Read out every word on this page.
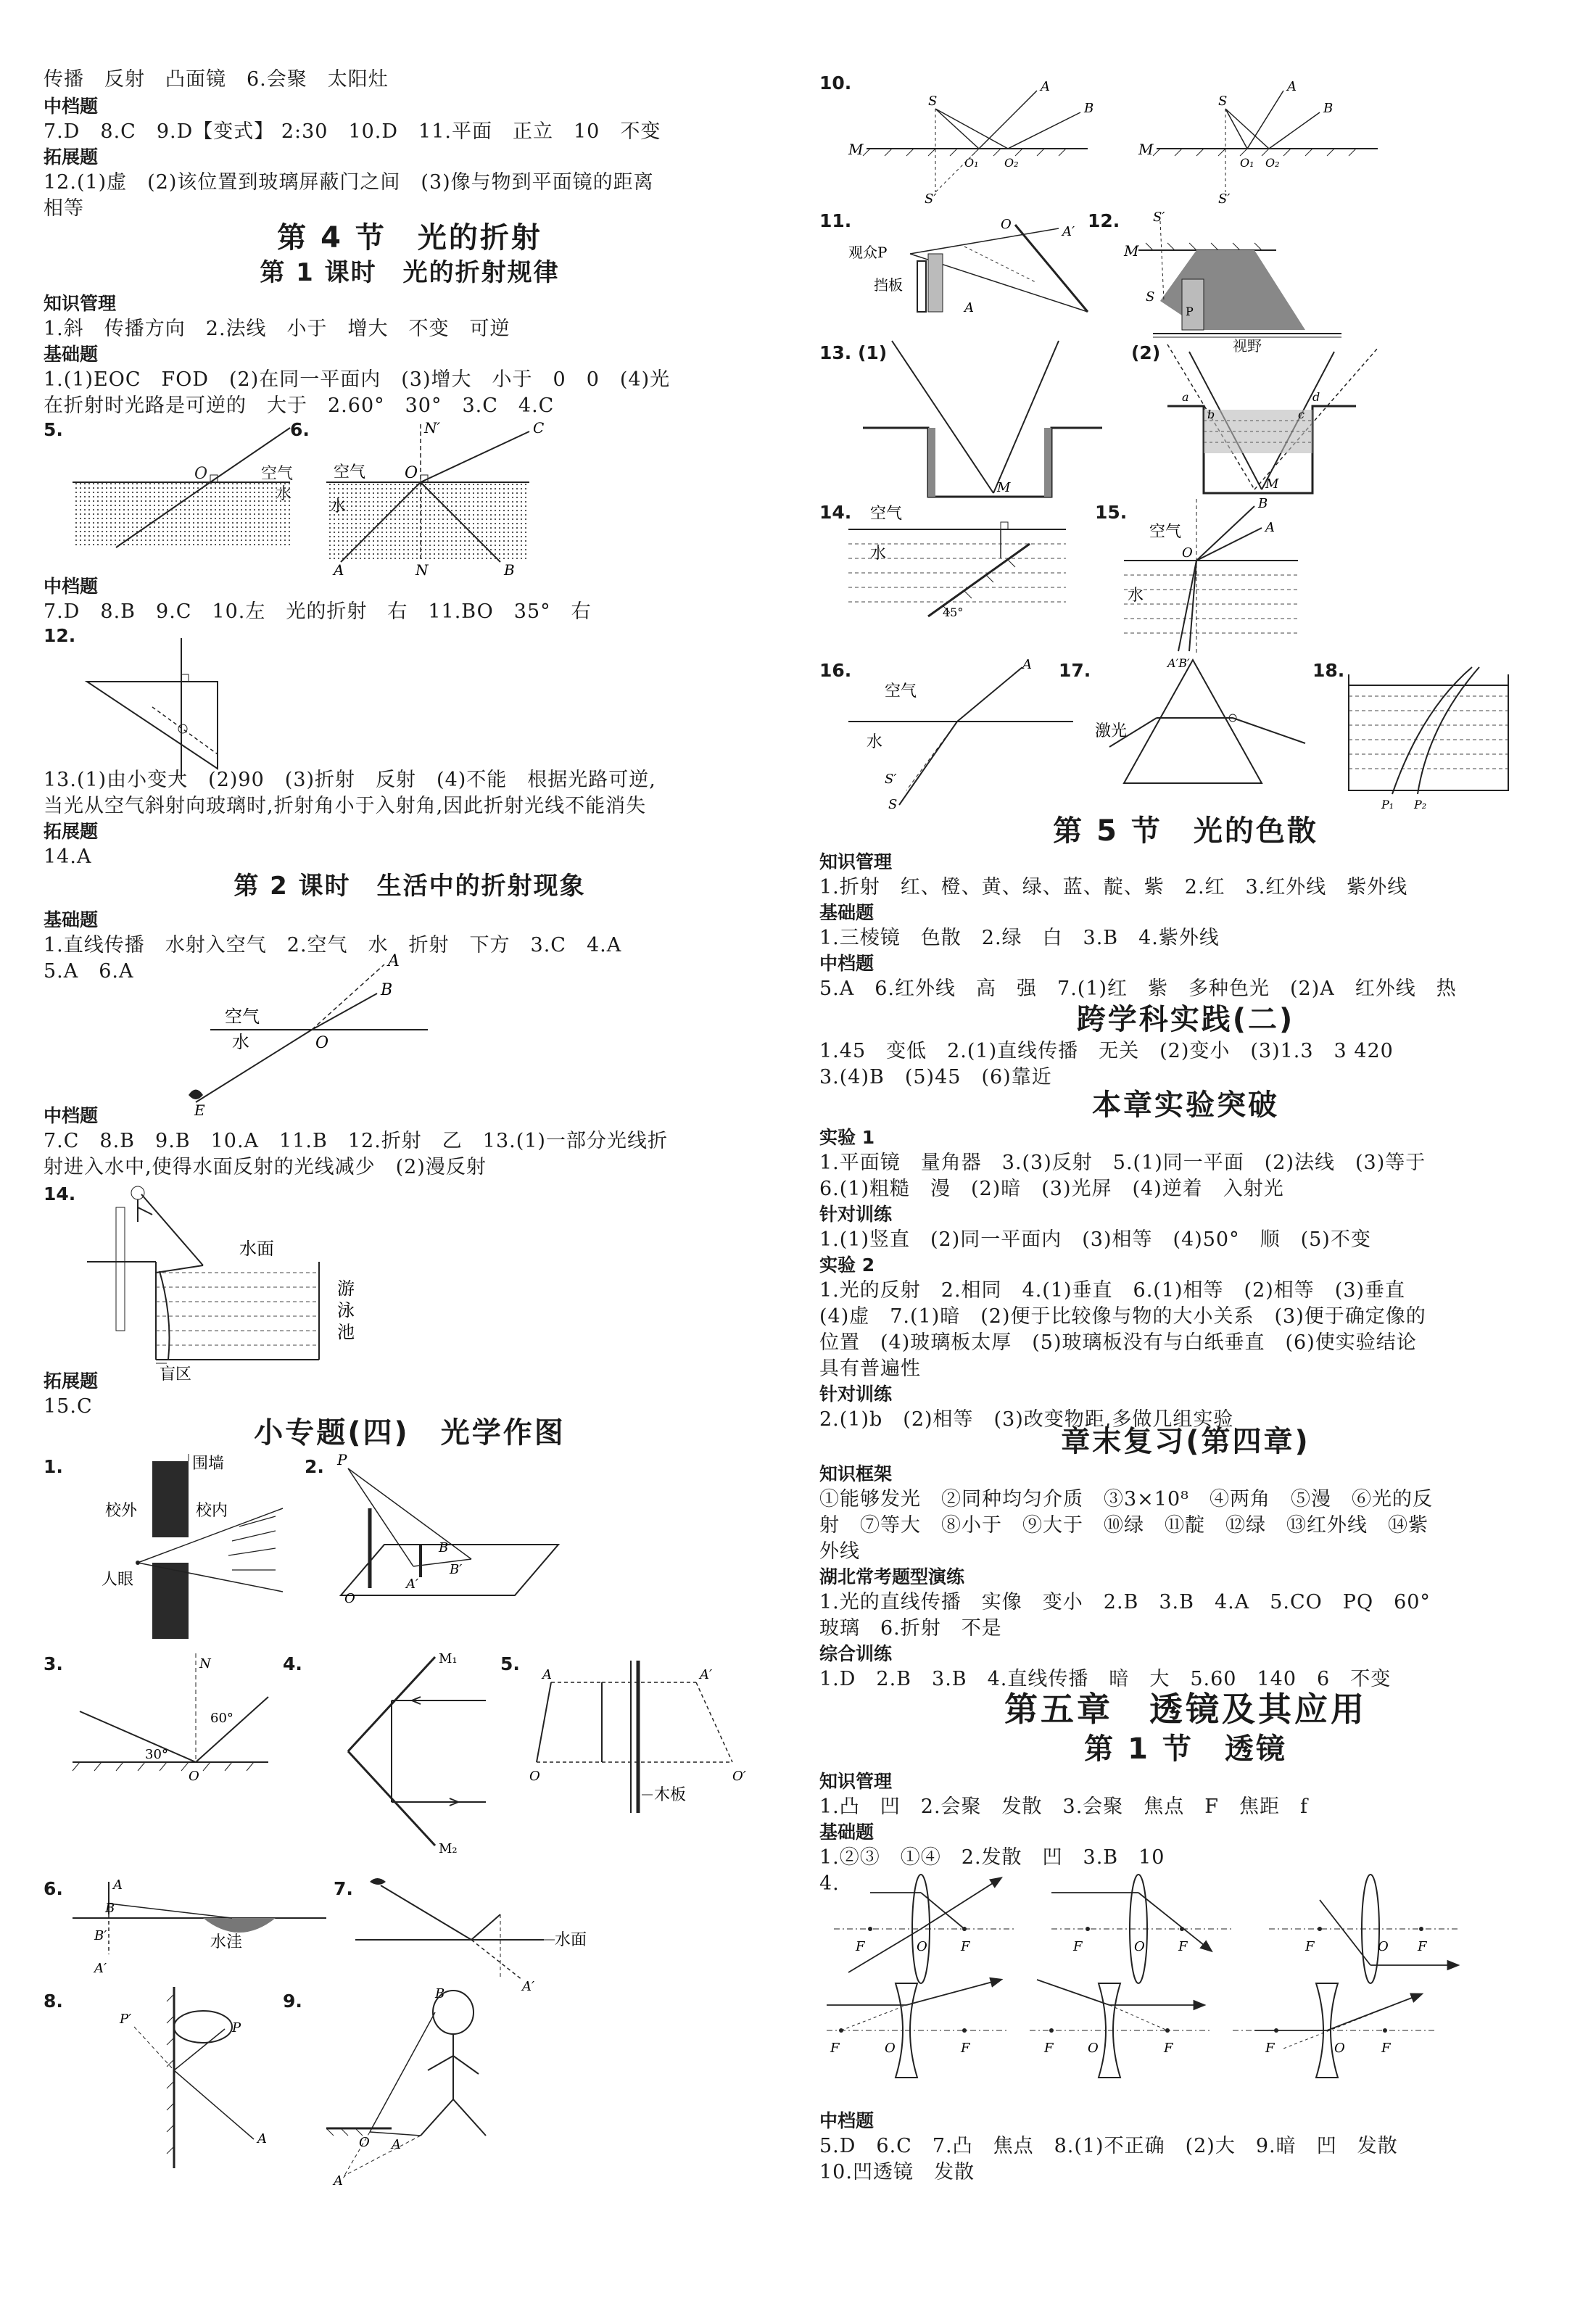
传播　反射　凸面镜　6.会聚　太阳灶
中档题
7.D　8.C　9.D【变式】 2:30　10.D　11.平面　正立　10　不变
拓展题
12.(1)虚　(2)该位置到玻璃屏蔽门之间　(3)像与物到平面镜的距离
相等
第 4 节　光的折射
第 1 课时　光的折射规律
知识管理
1.斜　传播方向　2.法线　小于　增大　不变　可逆
基础题
1.(1)EOC　FOD　(2)在同一平面内　(3)增大　小于　0　0　(4)光
在折射时光路是可逆的　大于　2.60°　30°　3.C　4.C
5.
O	空气
水
6.
O
N′	C
空气
水
A	N	B
中档题
7.D　8.B　9.C　10.左　光的折射　右　11.BO　35°　右
12.
13.(1)由小变大　(2)90　(3)折射　反射　(4)不能　根据光路可逆,
当光从空气斜射向玻璃时,折射角小于入射角,因此折射光线不能消失
拓展题
14.A
第 2 课时　生活中的折射现象
基础题
1.直线传播　水射入空气　2.空气　水　折射　下方　3.C　4.A
5.A　6.A	A
B
O
空气
水
E
中档题
7.C　8.B　9.B　10.A　11.B　12.折射　乙　13.(1)一部分光线折
射进入水中,使得水面反射的光线减少　(2)漫反射
14.
水面
游
泳
池
盲区
拓展题
15.C
小专题(四)　光学作图
1.	围墙
校外	校内
人眼
2. P
B
B′
A′
O
3.	N
60°
30°
O
4.	M₁
M₂
5.
A	A′
O	O′
木板
6.	A
B
B′
A′
水洼
7.
A′
水面
8.
P
P′
A
9.	B
A
O
A′
10.
M
S
A
B
O₁ O₂
S′
M
S
A
B
O₁ O₂
S′
11.
观众P
挡板
O	A′
A
12.	S′
M
P
S
视野
13. (1)
M
(2)
a
b	c
d
M
14. 空气
水
45°
15.
空气
水
B
A
O
A′B′
16.
空气
水
A
S′
S
17.
激光
18.
P₁ P₂
第 5 节　光的色散
知识管理
1.折射　红、橙、黄、绿、蓝、靛、紫　2.红　3.红外线　紫外线
基础题
1.三棱镜　色散　2.绿　白　3.B　4.紫外线
中档题
5.A　6.红外线　高　强　7.(1)红　紫　多种色光　(2)A　红外线　热
跨学科实践(二)
1.45　变低　2.(1)直线传播　无关　(2)变小　(3)1.3　3 420
3.(4)B　(5)45　(6)靠近
本章实验突破
实验 1
1.平面镜　量角器　3.(3)反射　5.(1)同一平面　(2)法线　(3)等于
6.(1)粗糙　漫　(2)暗　(3)光屏　(4)逆着　入射光
针对训练
1.(1)竖直　(2)同一平面内　(3)相等　(4)50°　顺　(5)不变
实验 2
1.光的反射　2.相同　4.(1)垂直　6.(1)相等　(2)相等　(3)垂直
(4)虚　7.(1)暗　(2)便于比较像与物的大小关系　(3)便于确定像的
位置　(4)玻璃板太厚　(5)玻璃板没有与白纸垂直　(6)使实验结论
具有普遍性
针对训练
2.(1)b　(2)相等　(3)改变物距,多做几组实验
章末复习(第四章)
知识框架
①能够发光　②同种均匀介质　③3×10⁸　④两角　⑤漫　⑥光的反
射　⑦等大　⑧小于　⑨大于　⑩绿　⑪靛　⑫绿　⑬红外线　⑭紫
外线
湖北常考题型演练
1.光的直线传播　实像　变小　2.B　3.B　4.A　5.CO　PQ　60°
玻璃　6.折射　不是
综合训练
1.D　2.B　3.B　4.直线传播　暗　大　5.60　140　6　不变
第五章　透镜及其应用
第 1 节　透镜
知识管理
1.凸　凹　2.会聚　发散　3.会聚　焦点　F　焦距　f
基础题
1.②③　①④　2.发散　凹　3.B　10
4.
F	O	F	F	O	F	F	O F
F	O	F	F	O	F	F	O	F
中档题
5.D　6.C　7.凸　焦点　8.(1)不正确　(2)大　9.暗　凹　发散
10.凹透镜　发散
